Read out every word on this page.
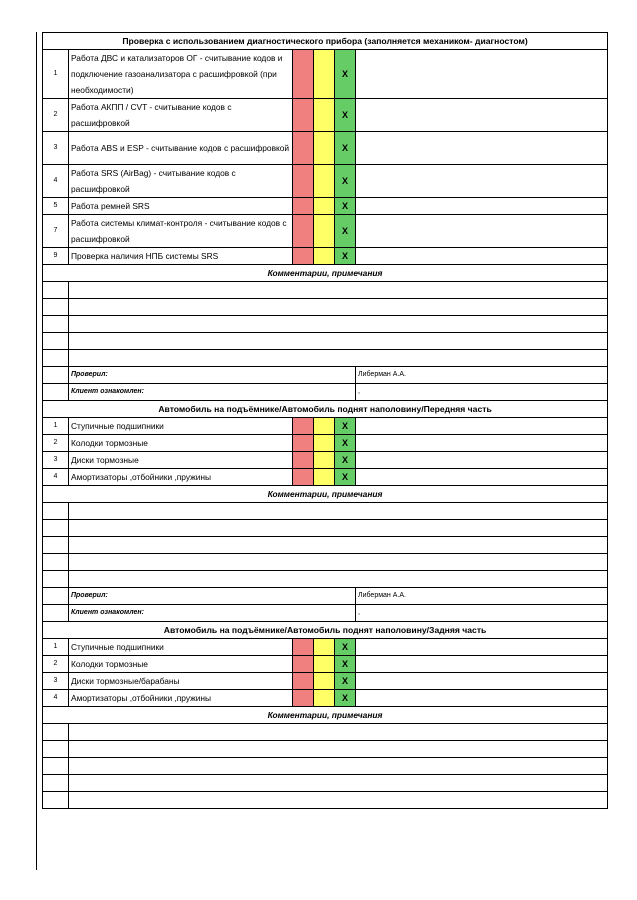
Проверка с использованием диагностического прибора (заполняется механиком- диагностом)					
1	Работа ДВС и катализаторов ОГ - считывание кодов и подключение газоанализатора с расшифровкой (при необходимости)			X	
2	Работа АКПП / CVT - считывание кодов с расшифровкой			X	
3	Работа ABS и ESP - считывание кодов с расшифровкой			X	
4	Работа SRS (AirBag) - считывание кодов с расшифровкой			X	
5	Работа ремней SRS			X	
7	Работа системы климат-контроля - считывание кодов с расшифровкой			X	
9	Проверка наличия НПБ системы SRS			X	
Комментарии, примечания					

	Проверил:				Либерман А.А.
	Клиент ознакомлен:				,
Автомобиль на подъёмнике/Автомобиль поднят наполовину/Передняя часть					
1	Ступичные подшипники			X	
2	Колодки тормозные			X	
3	Диски тормозные			X	
4	Амортизаторы ,отбойники ,пружины			X	
Комментарии, примечания					

	Проверил:				Либерман А.А.
	Клиент ознакомлен:				,
Автомобиль на подъёмнике/Автомобиль поднят наполовину/Задняя часть					
1	Ступичные подшипники			X	
2	Колодки тормозные			X	
3	Диски тормозные/барабаны			X	
4	Амортизаторы ,отбойники ,пружины			X	
Комментарии, примечания					
